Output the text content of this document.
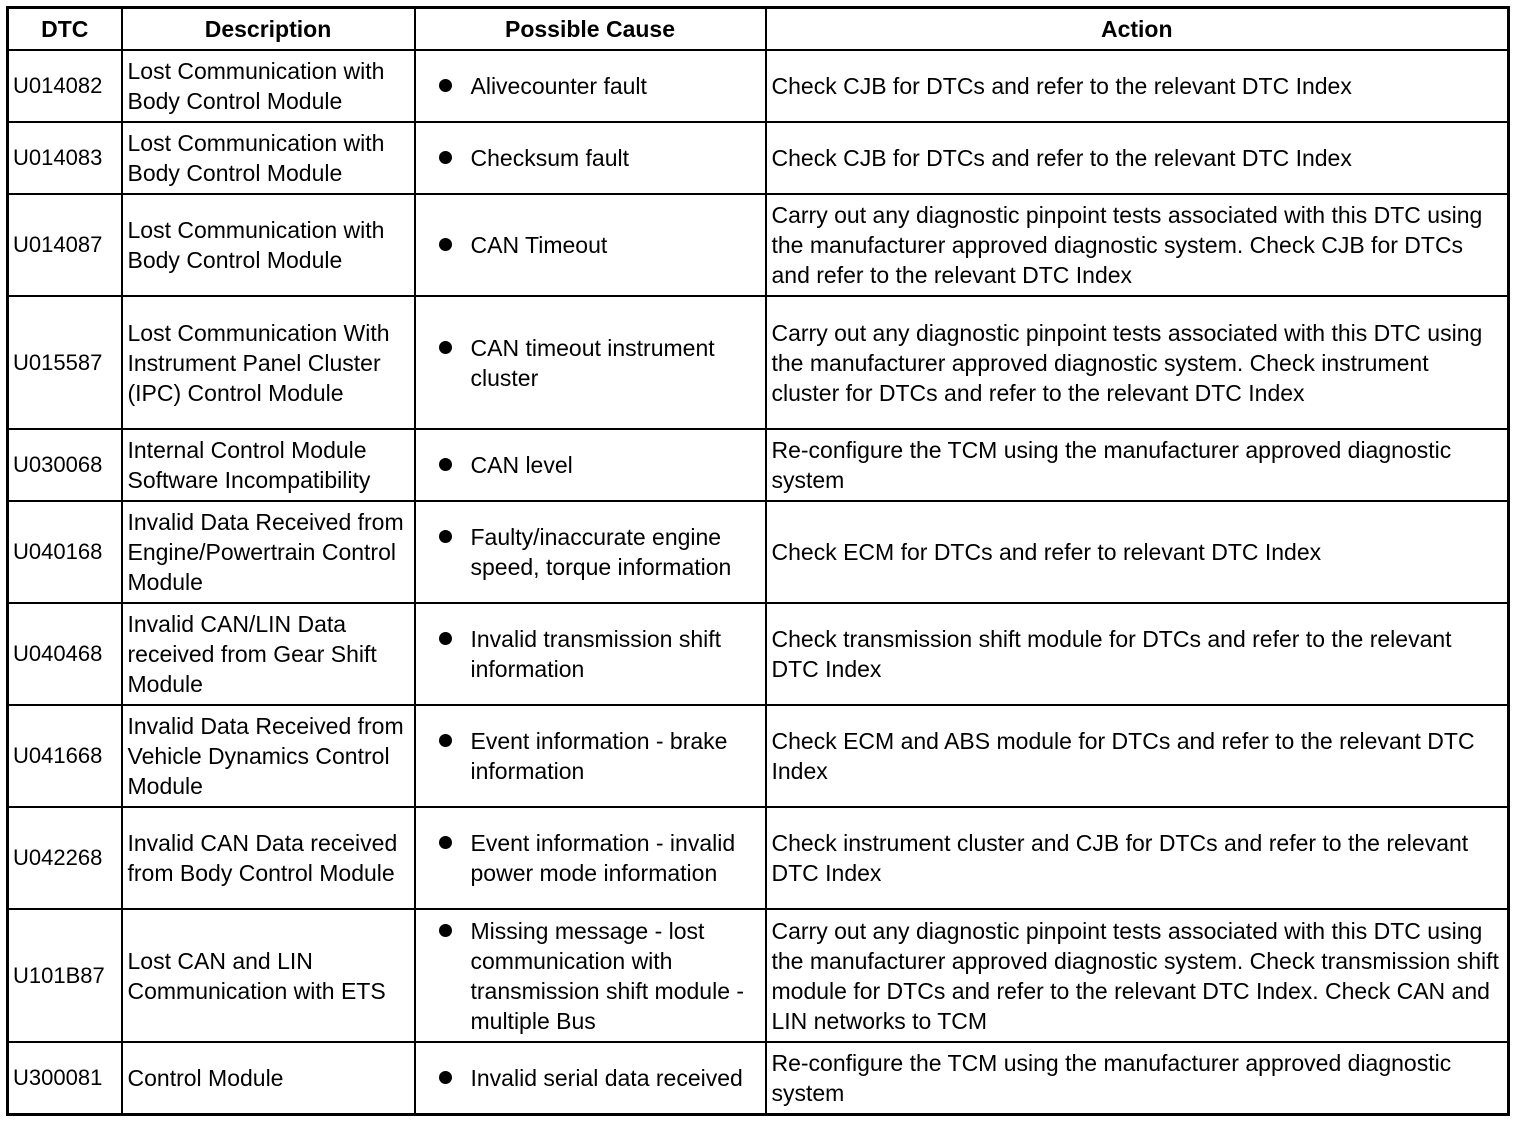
DTC	Description	Possible Cause	Action
U014082	Lost Communication with Body Control Module	Alivecounter fault	Check CJB for DTCs and refer to the relevant DTC Index
U014083	Lost Communication with Body Control Module	Checksum fault	Check CJB for DTCs and refer to the relevant DTC Index
U014087	Lost Communication with Body Control Module	CAN Timeout	Carry out any diagnostic pinpoint tests associated with this DTC using the manufacturer approved diagnostic system. Check CJB for DTCs and refer to the relevant DTC Index
U015587	Lost Communication With Instrument Panel Cluster (IPC) Control Module	CAN timeout instrument cluster	Carry out any diagnostic pinpoint tests associated with this DTC using the manufacturer approved diagnostic system. Check instrument cluster for DTCs and refer to the relevant DTC Index
U030068	Internal Control Module Software Incompatibility	CAN level	Re-configure the TCM using the manufacturer approved diagnostic system
U040168	Invalid Data Received from Engine/Powertrain Control Module	Faulty/inaccurate engine speed, torque information	Check ECM for DTCs and refer to relevant DTC Index
U040468	Invalid CAN/LIN Data received from Gear Shift Module	Invalid transmission shift information	Check transmission shift module for DTCs and refer to the relevant DTC Index
U041668	Invalid Data Received from Vehicle Dynamics Control Module	Event information - brake information	Check ECM and ABS module for DTCs and refer to the relevant DTC Index
U042268	Invalid CAN Data received from Body Control Module	Event information - invalid power mode information	Check instrument cluster and CJB for DTCs and refer to the relevant DTC Index
U101B87	Lost CAN and LIN Communication with ETS	Missing message - lost communication with transmission shift module - multiple Bus	Carry out any diagnostic pinpoint tests associated with this DTC using the manufacturer approved diagnostic system. Check transmission shift module for DTCs and refer to the relevant DTC Index. Check CAN and LIN networks to TCM
U300081	Control Module	Invalid serial data received	Re-configure the TCM using the manufacturer approved diagnostic system
